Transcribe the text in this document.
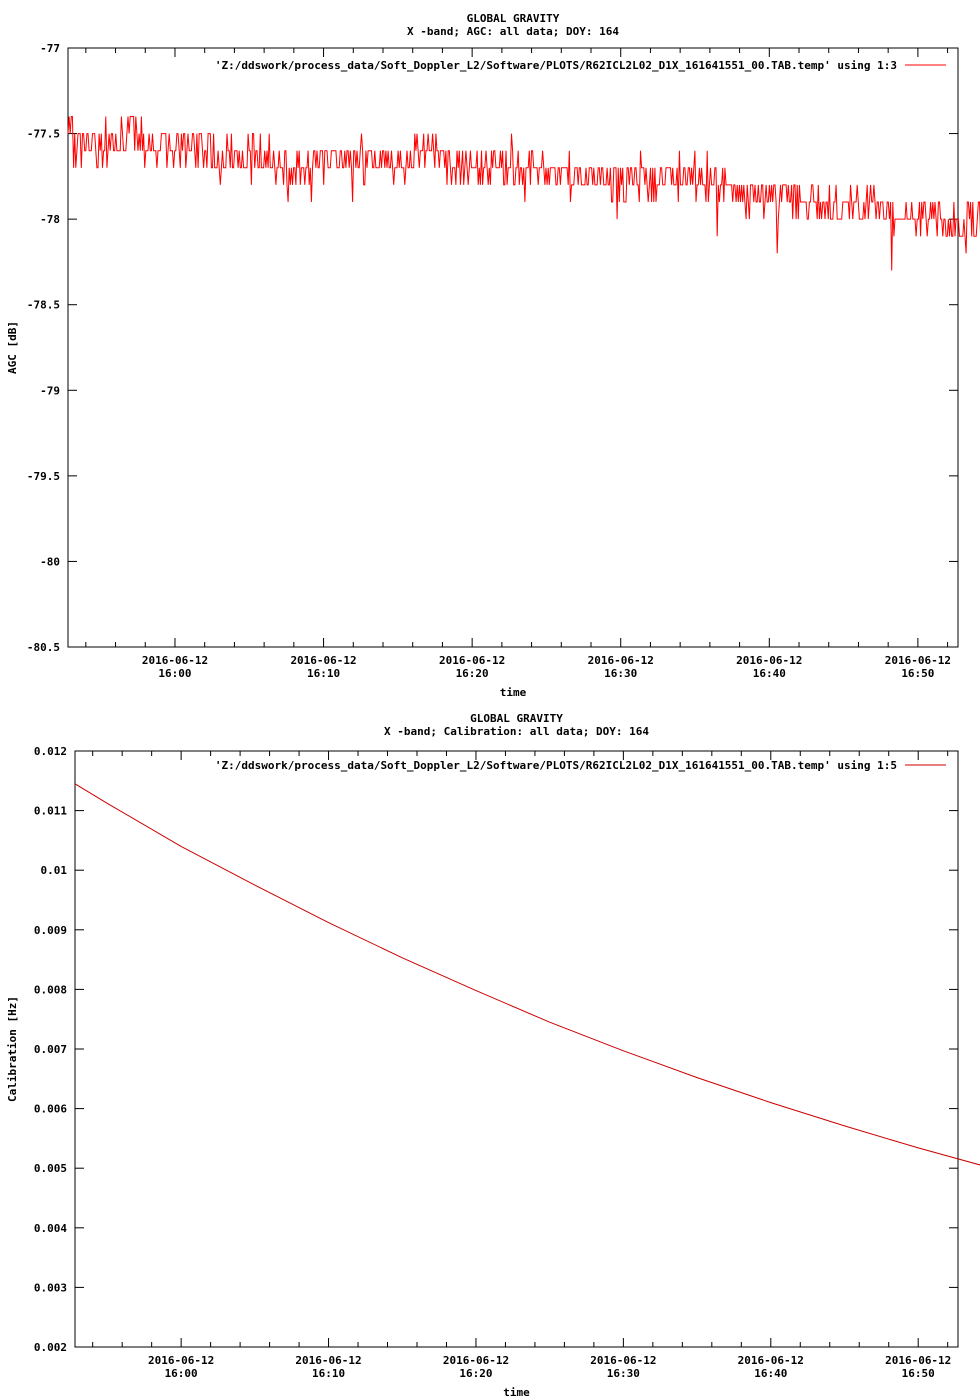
GLOBAL GRAVITY
X -band; AGC: all data; DOY: 164
-77
-77.5
-78
-78.5
-79
-79.5
-80
-80.5
2016-06-12
16:00
2016-06-12
16:10
2016-06-12
16:20
2016-06-12
16:30
2016-06-12
16:40
2016-06-12
16:50
time
AGC [dB]
'Z:/ddswork/process_data/Soft_Doppler_L2/Software/PLOTS/R62ICL2L02_D1X_161641551_00.TAB.temp' using 1:3
GLOBAL GRAVITY
X -band; Calibration: all data; DOY: 164
0.002
0.003
0.004
0.005
0.006
0.007
0.008
0.009
0.01
0.011
0.012
2016-06-12
16:00
2016-06-12
16:10
2016-06-12
16:20
2016-06-12
16:30
2016-06-12
16:40
2016-06-12
16:50
time
Calibration [Hz]
'Z:/ddswork/process_data/Soft_Doppler_L2/Software/PLOTS/R62ICL2L02_D1X_161641551_00.TAB.temp' using 1:5
